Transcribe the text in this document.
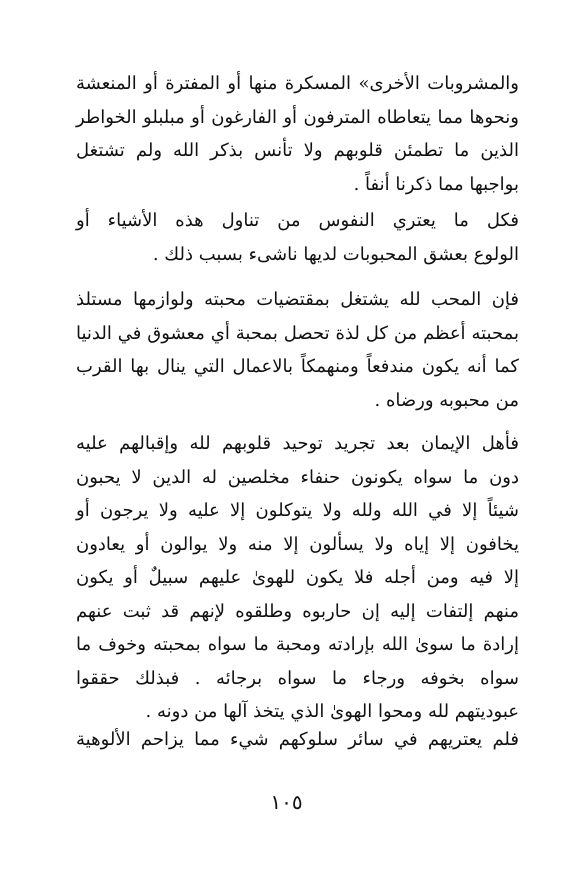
والمشروبات الأخرى» المسكرة منها أو المفترة أو المنعشة
ونحوها مما يتعاطاه المترفون أو الفارغون أو مبلبلو الخواطر
الذين ما تطمئن قلوبهم ولا تأنس بذكر الله ولم تشتغل
بواجبها مما ذكرنا أنفاً .

فكل ما يعتري النفوس من تناول هذه الأشياء أو
الولوع بعشق المحبوبات لديها ناشىء بسبب ذلك .

فإن المحب لله يشتغل بمقتضيات محبته ولوازمها مستلذ
بمحبته أعظم من كل لذة تحصل بمحبة أي معشوق في الدنيا
كما أنه يكون مندفعاً ومنهمكاً بالاعمال التي ينال بها القرب
من محبوبه ورضاه .

فأهل الإيمان بعد تجريد توحيد قلوبهم لله وإقبالهم عليه
دون ما سواه يكونون حنفاء مخلصين له الدين لا يحبون
شيئاً إلا في الله ولله ولا يتوكلون إلا عليه ولا يرجون أو
يخافون إلا إياه ولا يسألون إلا منه ولا يوالون أو يعادون
إلا فيه ومن أجله فلا يكون للهوىٰ عليهم سبيلٌ أو يكون
منهم إلتفات إليه إن حاربوه وطلقوه لإنهم قد ثبت عنهم
إرادة ما سوىٰ الله بإرادته ومحبة ما سواه بمحبته وخوف ما
سواه بخوفه ورجاء ما سواه برجائه . فبذلك حققوا
عبوديتهم لله ومحوا الهوىٰ الذي يتخذ آلها من دونه .

فلم يعتريهم في سائر سلوكهم شيء مما يزاحم الألوهية

١٠٥
